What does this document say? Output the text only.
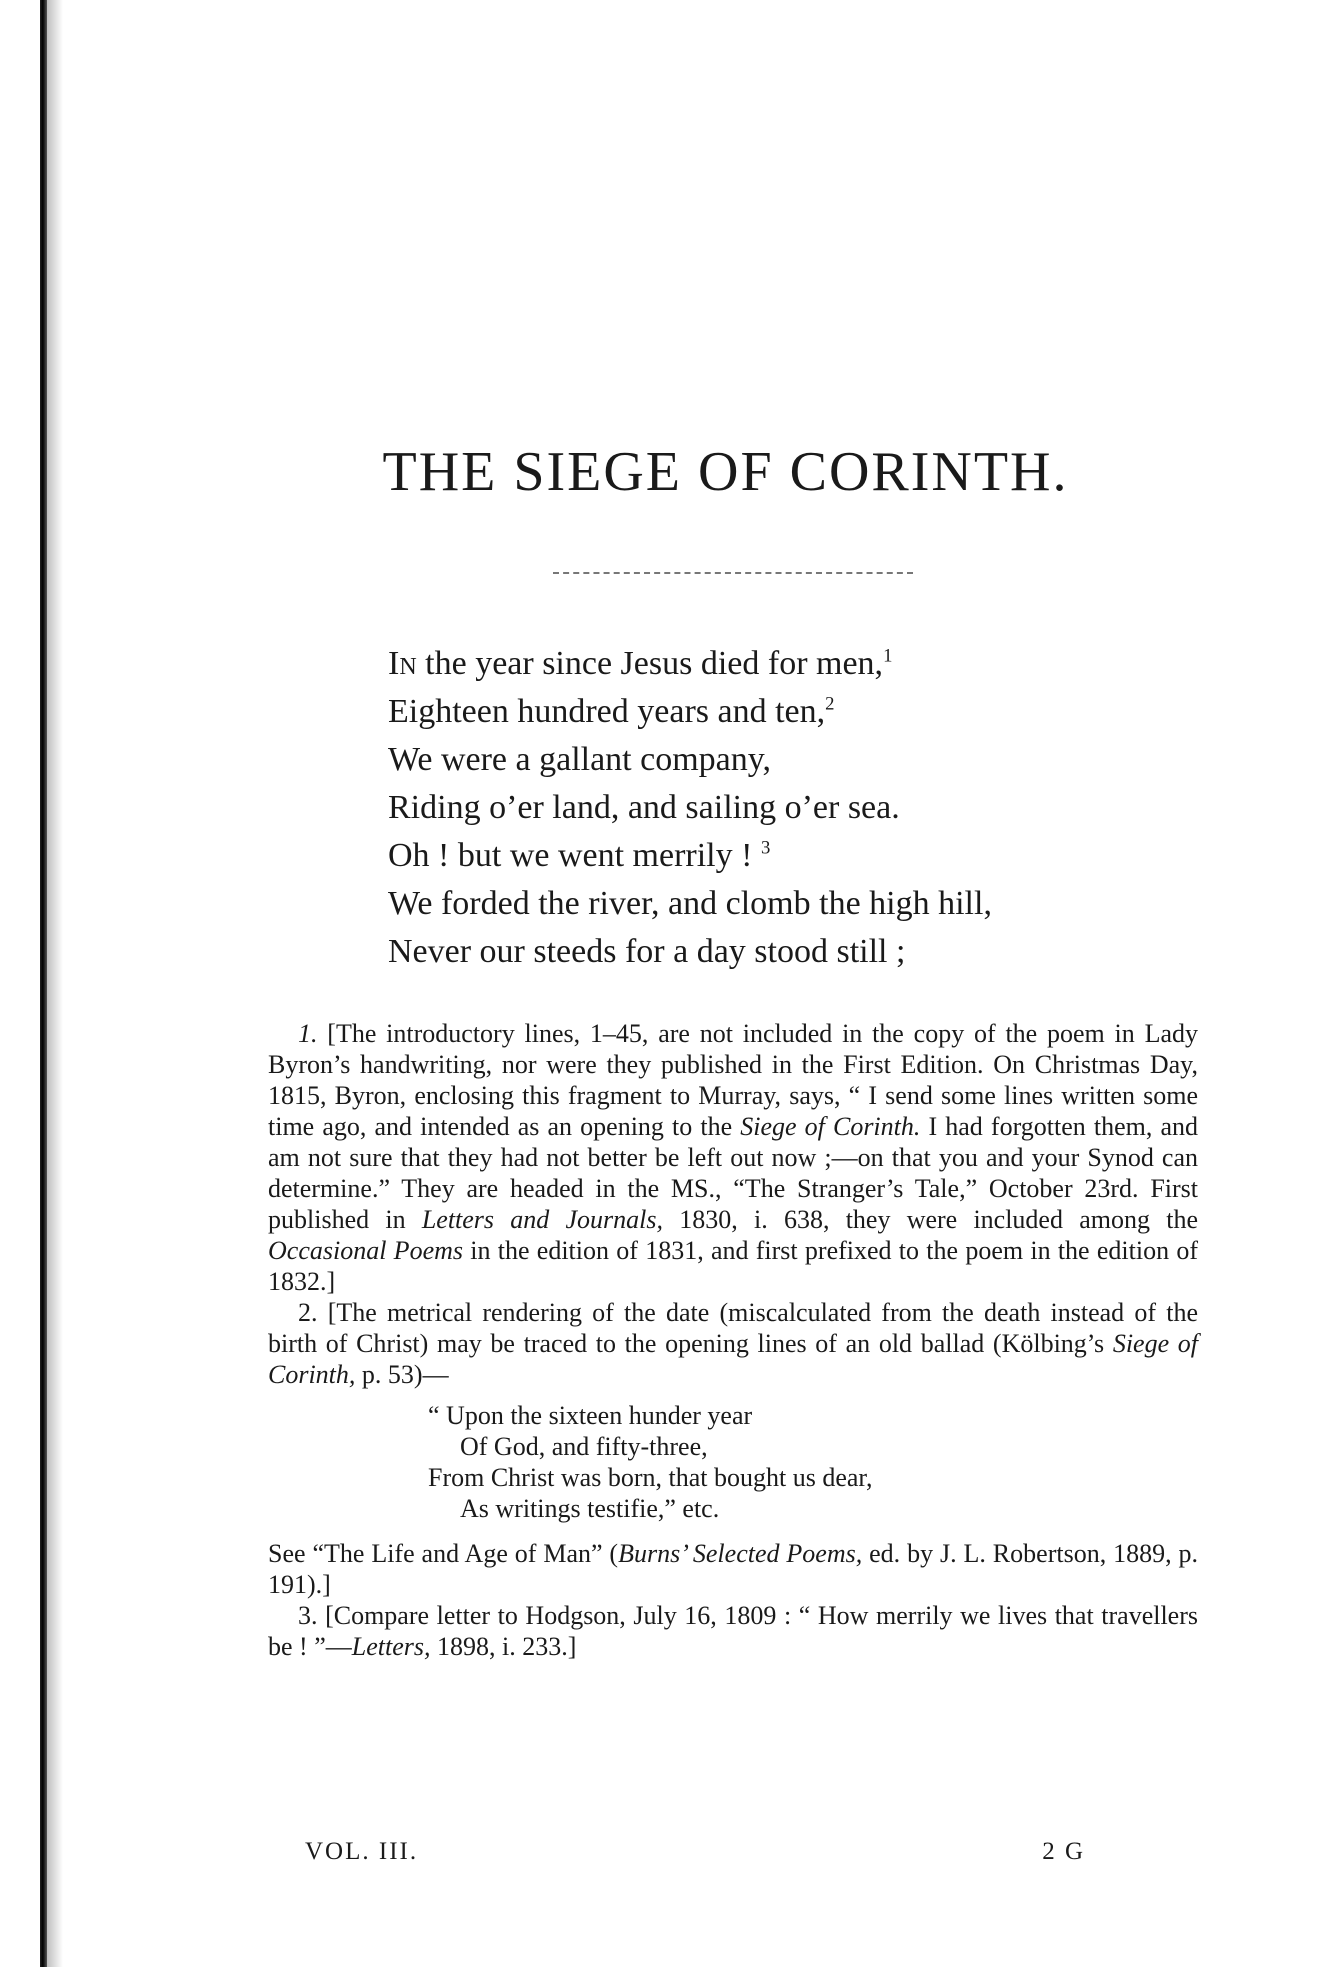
THE SIEGE OF CORINTH.
In the year since Jesus died for men,$^1$
Eighteen hundred years and ten,$^2$
We were a gallant company,
Riding o’er land, and sailing o’er sea.
Oh ! but we went merrily ! $^3$
We forded the river, and clomb the high hill,
Never our steeds for a day stood still ;

1. [The introductory lines, 1–45, are not included in the copy of the poem in Lady Byron’s handwriting, nor were they published in the First Edition. On Christmas Day, 1815, Byron, enclosing this fragment to Murray, says, “ I send some lines written some time ago, and intended as an opening to the Siege of Corinth. I had forgotten them, and am not sure that they had not better be left out now ;—on that you and your Synod can determine.” They are headed in the MS., “The Stranger’s Tale,” October 23rd. First published in Letters and Journals, 1830, i. 638, they were included among the Occasional Poems in the edition of 1831, and first prefixed to the poem in the edition of 1832.]

2. [The metrical rendering of the date (miscalculated from the death instead of the birth of Christ) may be traced to the opening lines of an old ballad (Kölbing’s Siege of Corinth, p. 53)—

“ Upon the sixteen hunder year
Of God, and fifty-three,
From Christ was born, that bought us dear,
As writings testifie,” etc.

See “The Life and Age of Man” (Burns’ Selected Poems, ed. by J. L. Robertson, 1889, p. 191).]

3. [Compare letter to Hodgson, July 16, 1809 : “ How merrily we lives that travellers be ! ”—Letters, 1898, i. 233.]

VOL. III.	2 G
